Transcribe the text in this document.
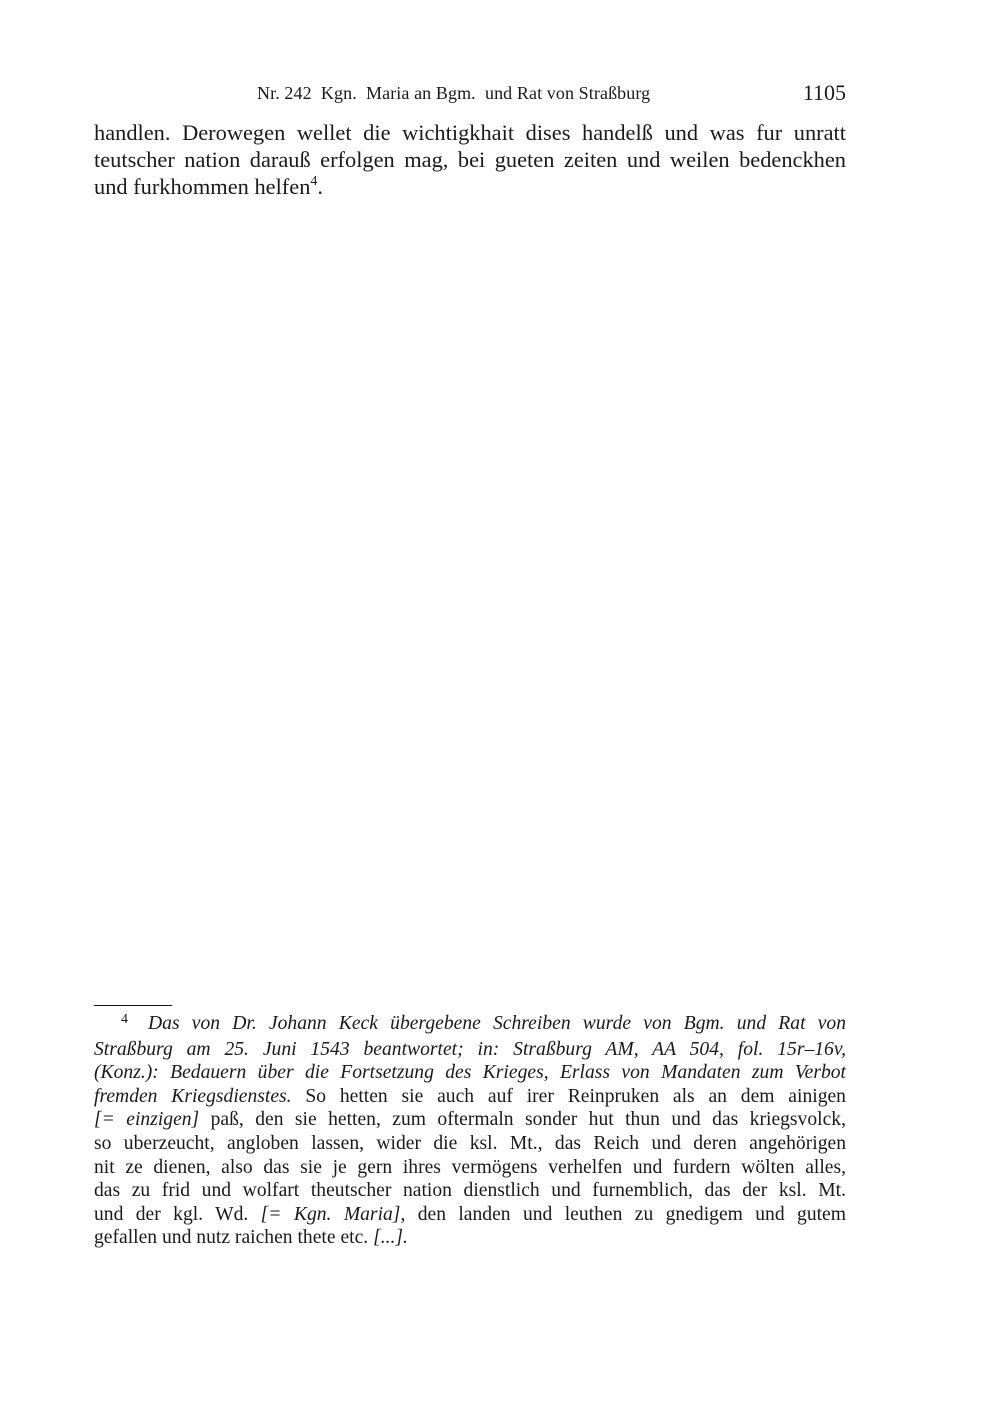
Nr. 242  Kgn.  Maria an Bgm.  und Rat von Straßburg	1105
handlen. Derowegen wellet die wichtigkhait dises handelß und was fur unratt
teutscher nation darauß erfolgen mag, bei gueten zeiten und weilen bedenckhen
und furkhommen helfen$^4$.
4 Das von Dr. Johann Keck übergebene Schreiben wurde von Bgm. und Rat von
Straßburg am 25. Juni 1543 beantwortet; in: Straßburg AM, AA 504, fol. 15r–16v,
(Konz.): Bedauern über die Fortsetzung des Krieges, Erlass von Mandaten zum Verbot
fremden Kriegsdienstes. So hetten sie auch auf irer Reinpruken als an dem ainigen
[= einzigen] paß, den sie hetten, zum oftermaln sonder hut thun und das kriegsvolck,
so uberzeucht, angloben lassen, wider die ksl. Mt., das Reich und deren angehörigen
nit ze dienen, also das sie je gern ihres vermögens verhelfen und furdern wölten alles,
das zu frid und wolfart theutscher nation dienstlich und furnemblich, das der ksl. Mt.
und der kgl. Wd. [= Kgn. Maria], den landen und leuthen zu gnedigem und gutem
gefallen und nutz raichen thete etc. [...].
